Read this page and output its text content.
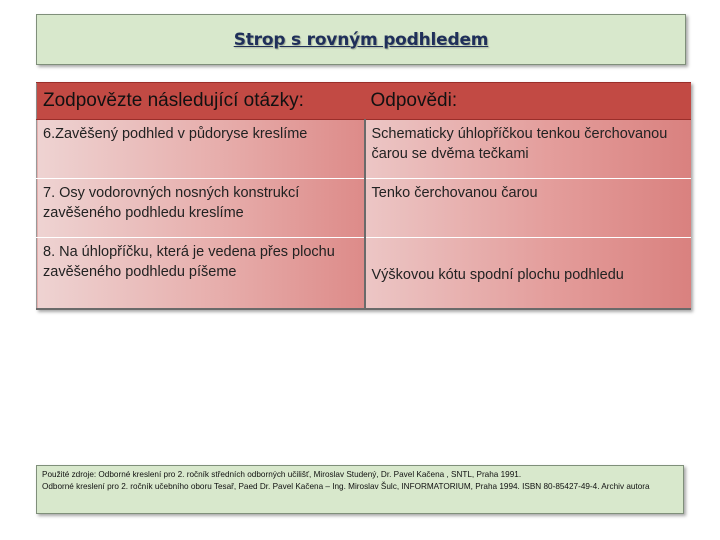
Strop s rovným podhledem
Zodpovězte následující otázky:	Odpovědi:
6.Zavěšený podhled v půdoryse kreslíme	Schematicky úhlopříčkou tenkou čerchovanou čarou se dvěma tečkami
7. Osy vodorovných nosných konstrukcí zavěšeného podhledu kreslíme	Tenko čerchovanou čarou
8. Na úhlopříčku, která je vedena přes plochu zavěšeného podhledu píšeme	Výškovou kótu spodní plochu podhledu

Použité zdroje: Odborné kreslení pro 2. ročník středních odborných učilišť, Miroslav Studený, Dr. Pavel Kačena , SNTL, Praha 1991.

Odborné kreslení pro 2. ročník učebního oboru Tesař, Paed Dr. Pavel Kačena – Ing. Miroslav Šulc, INFORMATORIUM, Praha 1994. ISBN 80-85427-49-4. Archiv autora
